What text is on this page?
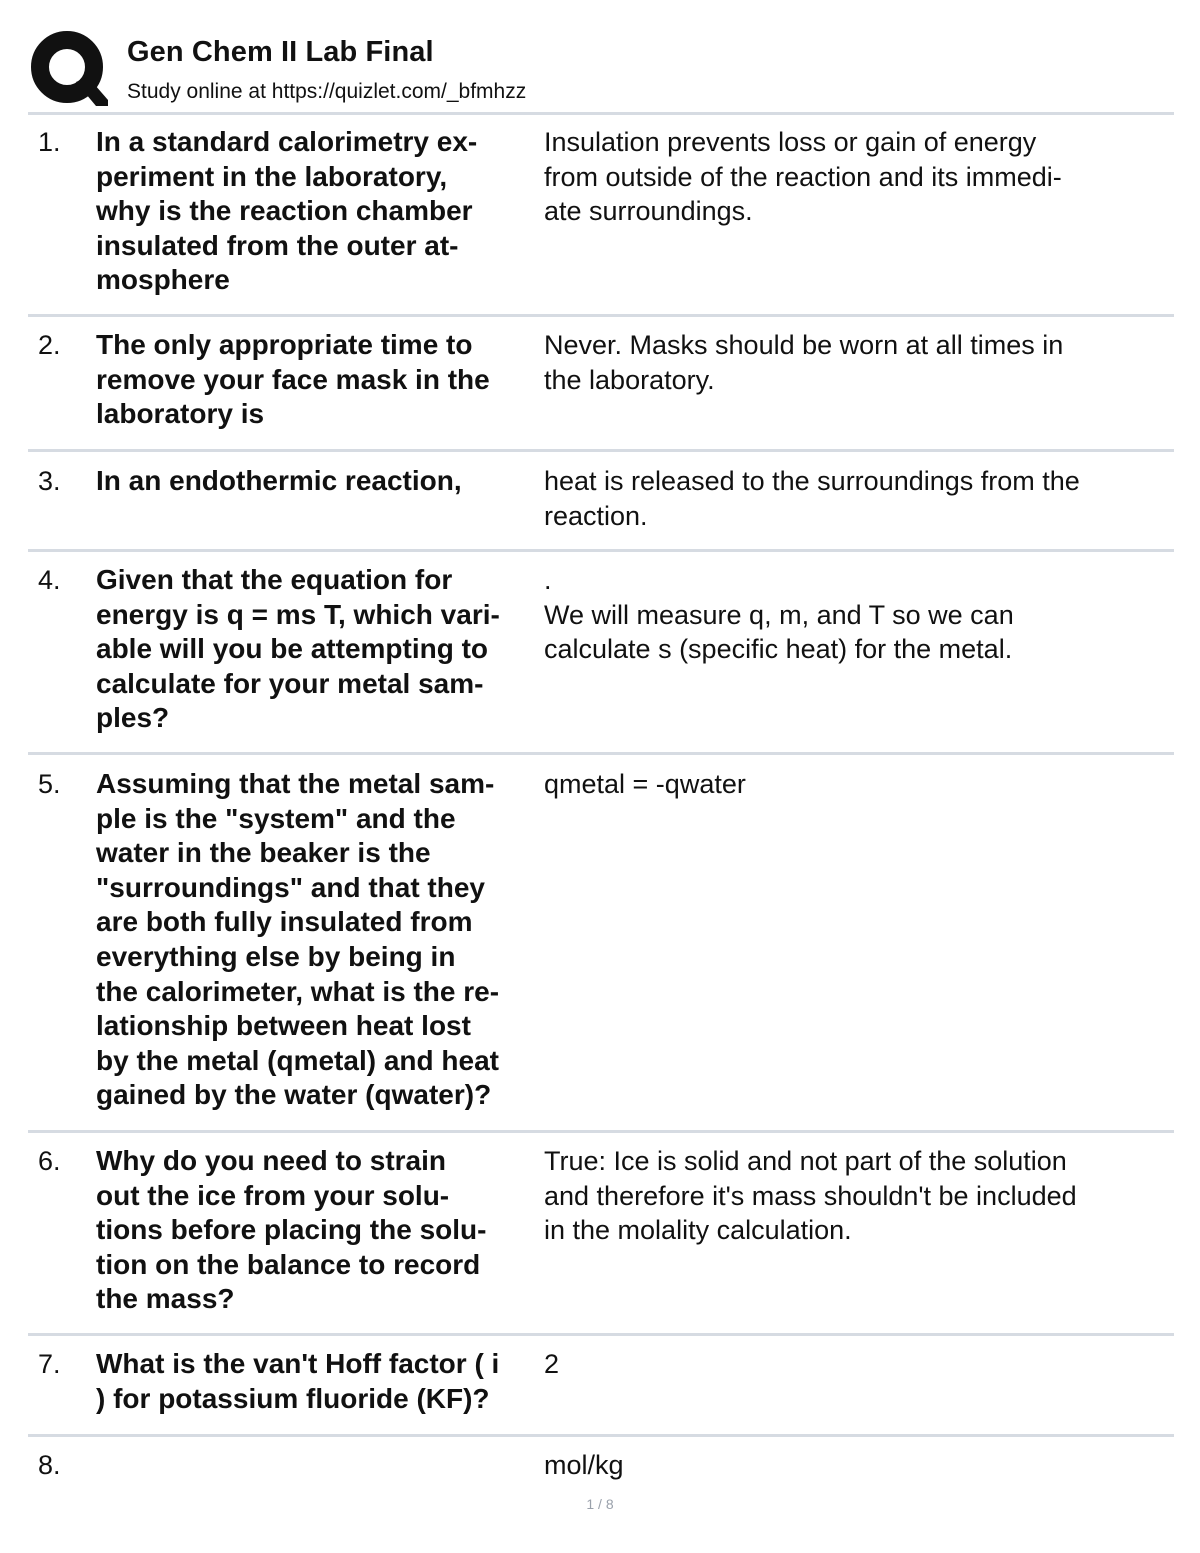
Gen Chem II Lab Final
Study online at https://quizlet.com/_bfmhzz
1. In a standard calorimetry ex-
periment in the laboratory,
why is the reaction chamber
insulated from the outer at-
mosphere
Insulation prevents loss or gain of energy
from outside of the reaction and its immedi-
ate surroundings.
2. The only appropriate time to
remove your face mask in the
laboratory is
Never. Masks should be worn at all times in
the laboratory.
3. In an endothermic reaction,	heat is released to the surroundings from the
reaction.
4. Given that the equation for
energy is q = ms T, which vari-
able will you be attempting to
calculate for your metal sam-
ples?
.
We will measure q, m, and T so we can
calculate s (specific heat) for the metal.
5. Assuming that the metal sam-
ple is the "system" and the
water in the beaker is the
"surroundings" and that they
are both fully insulated from
everything else by being in
the calorimeter, what is the re-
lationship between heat lost
by the metal (qmetal) and heat
gained by the water (qwater)?
qmetal = -qwater
6. Why do you need to strain
out the ice from your solu-
tions before placing the solu-
tion on the balance to record
the mass?
True: Ice is solid and not part of the solution
and therefore it's mass shouldn't be included
in the molality calculation.
7. What is the van't Hoff factor ( i
) for potassium fluoride (KF)?
2
8.	mol/kg
1 / 8
